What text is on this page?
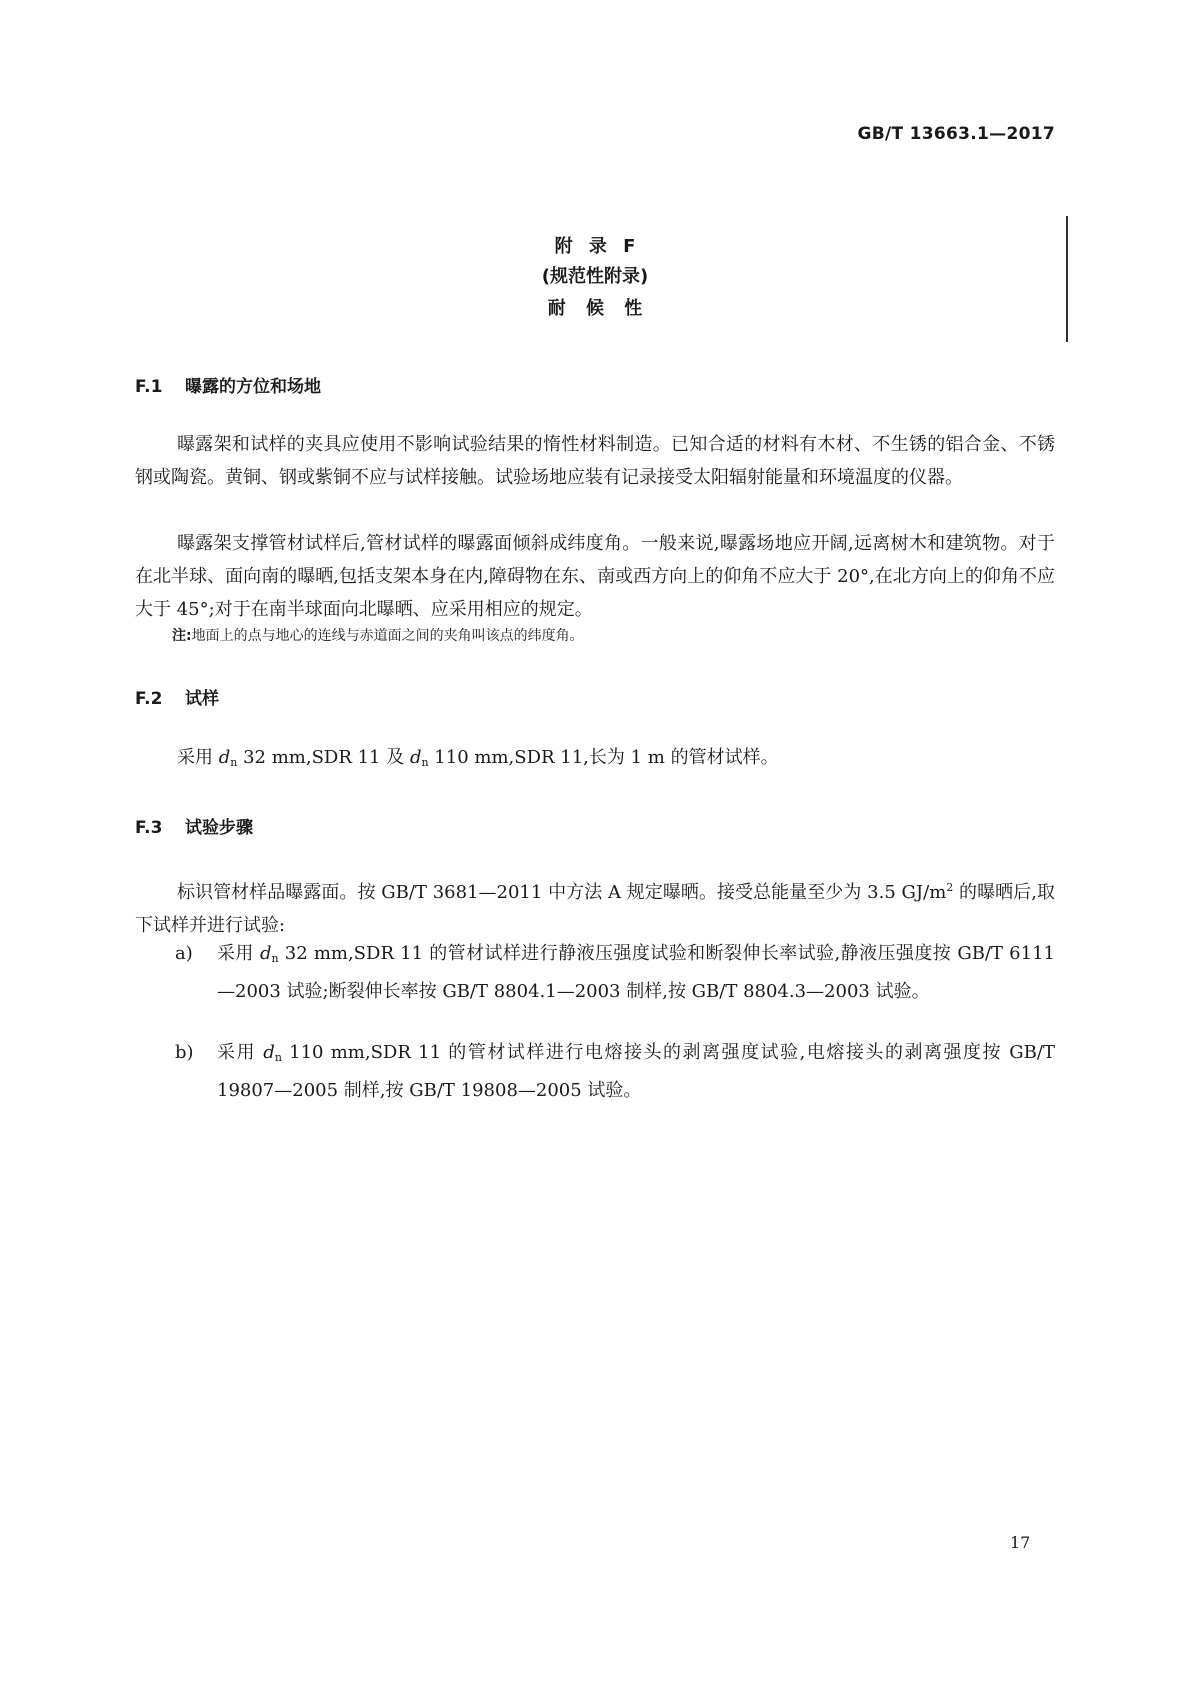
GB/T 13663.1—2017
附 录 F
(规范性附录)
耐 候 性
F.1 曝露的方位和场地

曝露架和试样的夹具应使用不影响试验结果的惰性材料制造。已知合适的材料有木材、不生锈的铝合金、不锈钢或陶瓷。黄铜、钢或紫铜不应与试样接触。试验场地应装有记录接受太阳辐射能量和环境温度的仪器。

曝露架支撑管材试样后,管材试样的曝露面倾斜成纬度角。一般来说,曝露场地应开阔,远离树木和建筑物。对于在北半球、面向南的曝晒,包括支架本身在内,障碍物在东、南或西方向上的仰角不应大于 20°,在北方向上的仰角不应大于 45°;对于在南半球面向北曝晒、应采用相应的规定。

注:地面上的点与地心的连线与赤道面之间的夹角叫该点的纬度角。
F.2 试样

采用 $d_n$ 32 mm,SDR 11 及 $d_n$ 110 mm,SDR 11,长为 1 m 的管材试样。

F.3 试验步骤

标识管材样品曝露面。按 GB/T 3681—2011 中方法 A 规定曝晒。接受总能量至少为 3.5 $GJ/m^2$ 的曝晒后,取下试样并进行试验:

a) 采用 $d_n$ 32 mm,SDR 11 的管材试样进行静液压强度试验和断裂伸长率试验,静液压强度按 GB/T 6111—2003 试验;断裂伸长率按 GB/T 8804.1—2003 制样,按 GB/T 8804.3—2003 试验。
b) 采用 $d_n$ 110 mm,SDR 11 的管材试样进行电熔接头的剥离强度试验,电熔接头的剥离强度按 GB/T 19807—2005 制样,按 GB/T 19808—2005 试验。
17
